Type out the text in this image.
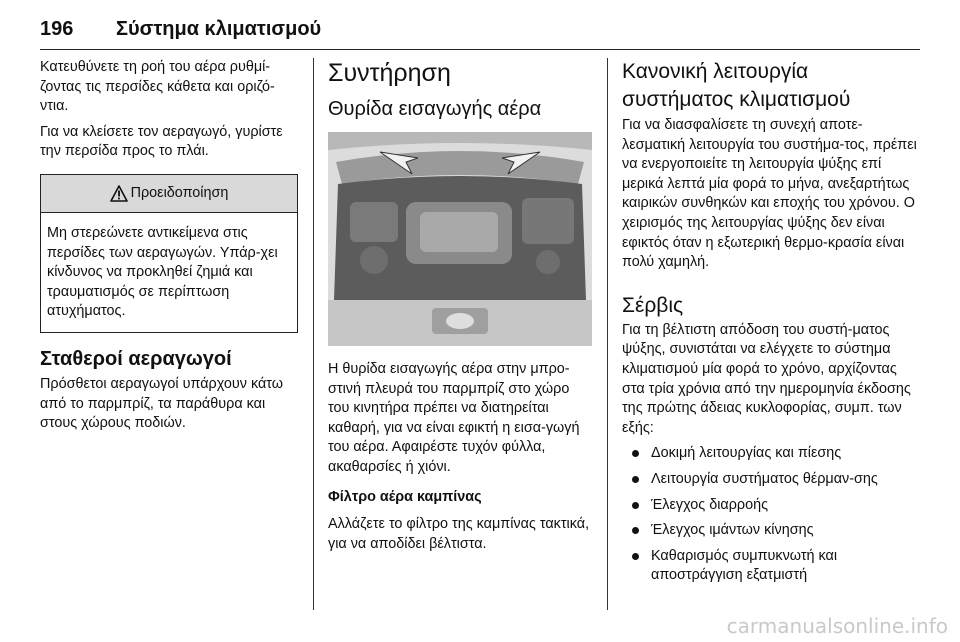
196 Σύστημα κλιματισμού

Κατευθύνετε τη ροή του αέρα ρυθμί-ζοντας τις περσίδες κάθετα και οριζό-ντια.

Για να κλείσετε τον αεραγωγό, γυρίστε την περσίδα προς το πλάι.

Προειδοποίηση
Μη στερεώνετε αντικείμενα στις περσίδες των αεραγωγών. Υπάρ-χει κίνδυνος να προκληθεί ζημιά και τραυματισμός σε περίπτωση ατυχήματος.
Σταθεροί αεραγωγοί

Πρόσθετοι αεραγωγοί υπάρχουν κάτω από το παρμπρίζ, τα παράθυρα και στους χώρους ποδιών.

Συντήρηση
Θυρίδα εισαγωγής αέρα

Η θυρίδα εισαγωγής αέρα στην μπρο-στινή πλευρά του παρμπρίζ στο χώρο του κινητήρα πρέπει να διατηρείται καθαρή, για να είναι εφικτή η εισα-γωγή του αέρα. Αφαιρέστε τυχόν φύλλα, ακαθαρσίες ή χιόνι.

Φίλτρο αέρα καμπίνας

Αλλάζετε το φίλτρο της καμπίνας τακτικά, για να αποδίδει βέλτιστα.

Κανονική λειτουργία συστήματος κλιματισμού

Για να διασφαλίσετε τη συνεχή αποτε-λεσματική λειτουργία του συστήμα-τος, πρέπει να ενεργοποιείτε τη λειτουργία ψύξης επί μερικά λεπτά μία φορά το μήνα, ανεξαρτήτως καιρικών συνθηκών και εποχής του χρόνου. Ο χειρισμός της λειτουργίας ψύξης δεν είναι εφικτός όταν η εξωτερική θερμο-κρασία είναι πολύ χαμηλή.

Σέρβις

Για τη βέλτιστη απόδοση του συστή-ματος ψύξης, συνιστάται να ελέγχετε το σύστημα κλιματισμού μία φορά το χρόνο, αρχίζοντας στα τρία χρόνια από την ημερομηνία έκδοσης της πρώτης άδειας κυκλοφορίας, συμπ. των εξής:

Δοκιμή λειτουργίας και πίεσης
Λειτουργία συστήματος θέρμαν-σης
Έλεγχος διαρροής
Έλεγχος ιμάντων κίνησης
Καθαρισμός συμπυκνωτή και αποστράγγιση εξατμιστή
carmanualsonline.info
